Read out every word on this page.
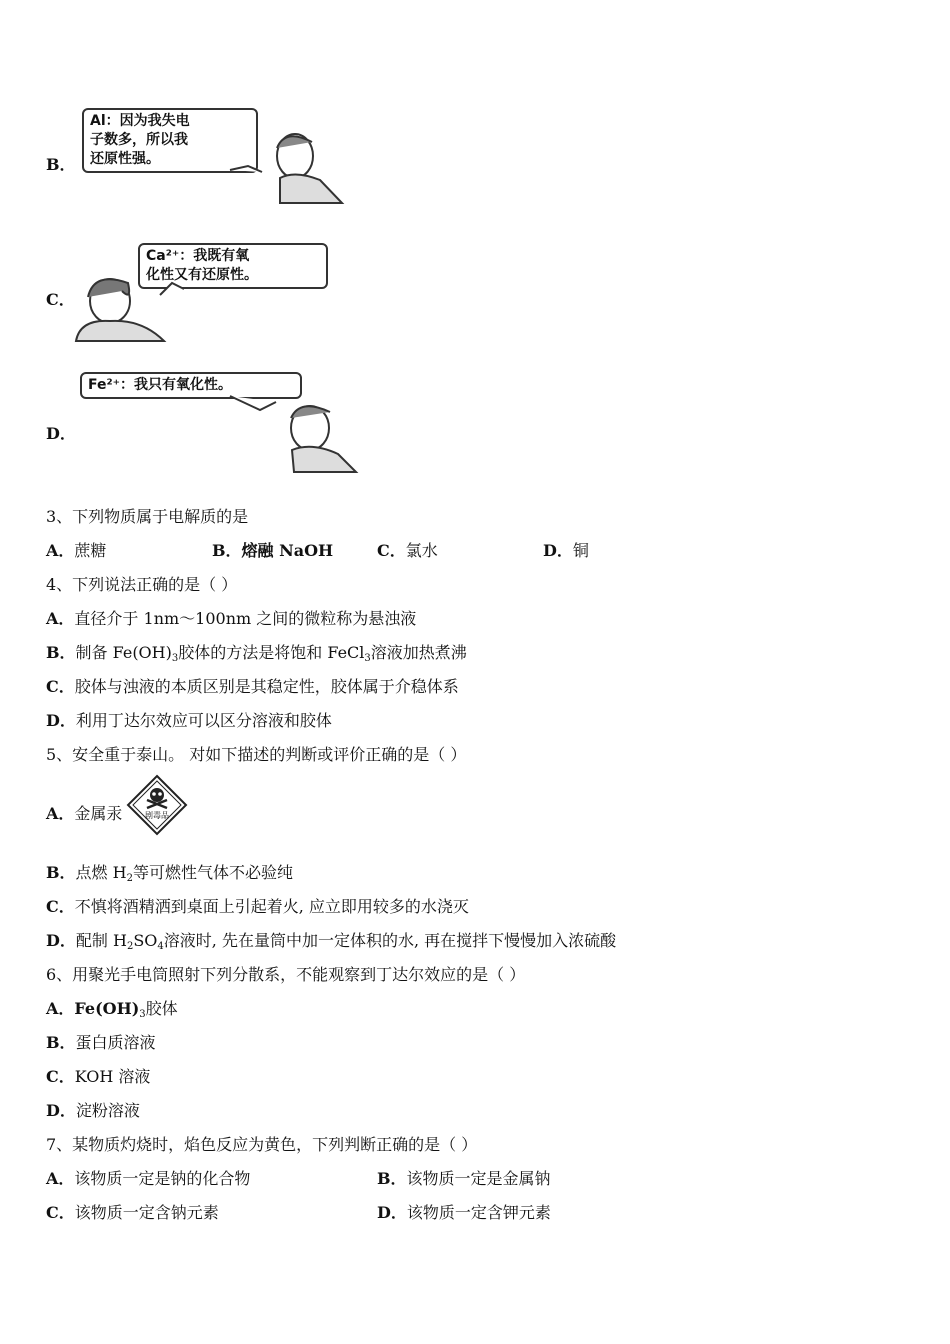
B．
Al：因为我失电
子数多，所以我
还原性强。
C．
Ca²⁺：我既有氧
化性又有还原性。
D．
Fe²⁺：我只有氧化性。
3、下列物质属于电解质的是
A．蔗糖	B．熔融 NaOH	C．氯水	D．铜
4、下列说法正确的是（ ）
A．直径介于 1nm～100nm 之间的微粒称为悬浊液
B．制备 $Fe(OH)_3$胶体的方法是将饱和 FeCl$_3$溶液加热煮沸
C．胶体与浊液的本质区别是其稳定性，胶体属于介稳体系
D．利用丁达尔效应可以区分溶液和胶体
5、安全重于泰山。 对如下描述的判断或评价正确的是（ ）
A．金属汞	剧毒品
B．点燃 $H_2$等可燃性气体不必验纯
C．不慎将酒精洒到桌面上引起着火, 应立即用较多的水浇灭
D．配制 $H_2SO_4$溶液时, 先在量筒中加一定体积的水, 再在搅拌下慢慢加入浓硫酸
6、用聚光手电筒照射下列分散系，不能观察到丁达尔效应的是（ ）
A．$Fe(OH)_3$胶体
B．蛋白质溶液
C．KOH 溶液
D．淀粉溶液
7、某物质灼烧时，焰色反应为黄色，下列判断正确的是（ ）
A．该物质一定是钠的化合物	B．该物质一定是金属钠
C．该物质一定含钠元素	D．该物质一定含钾元素
